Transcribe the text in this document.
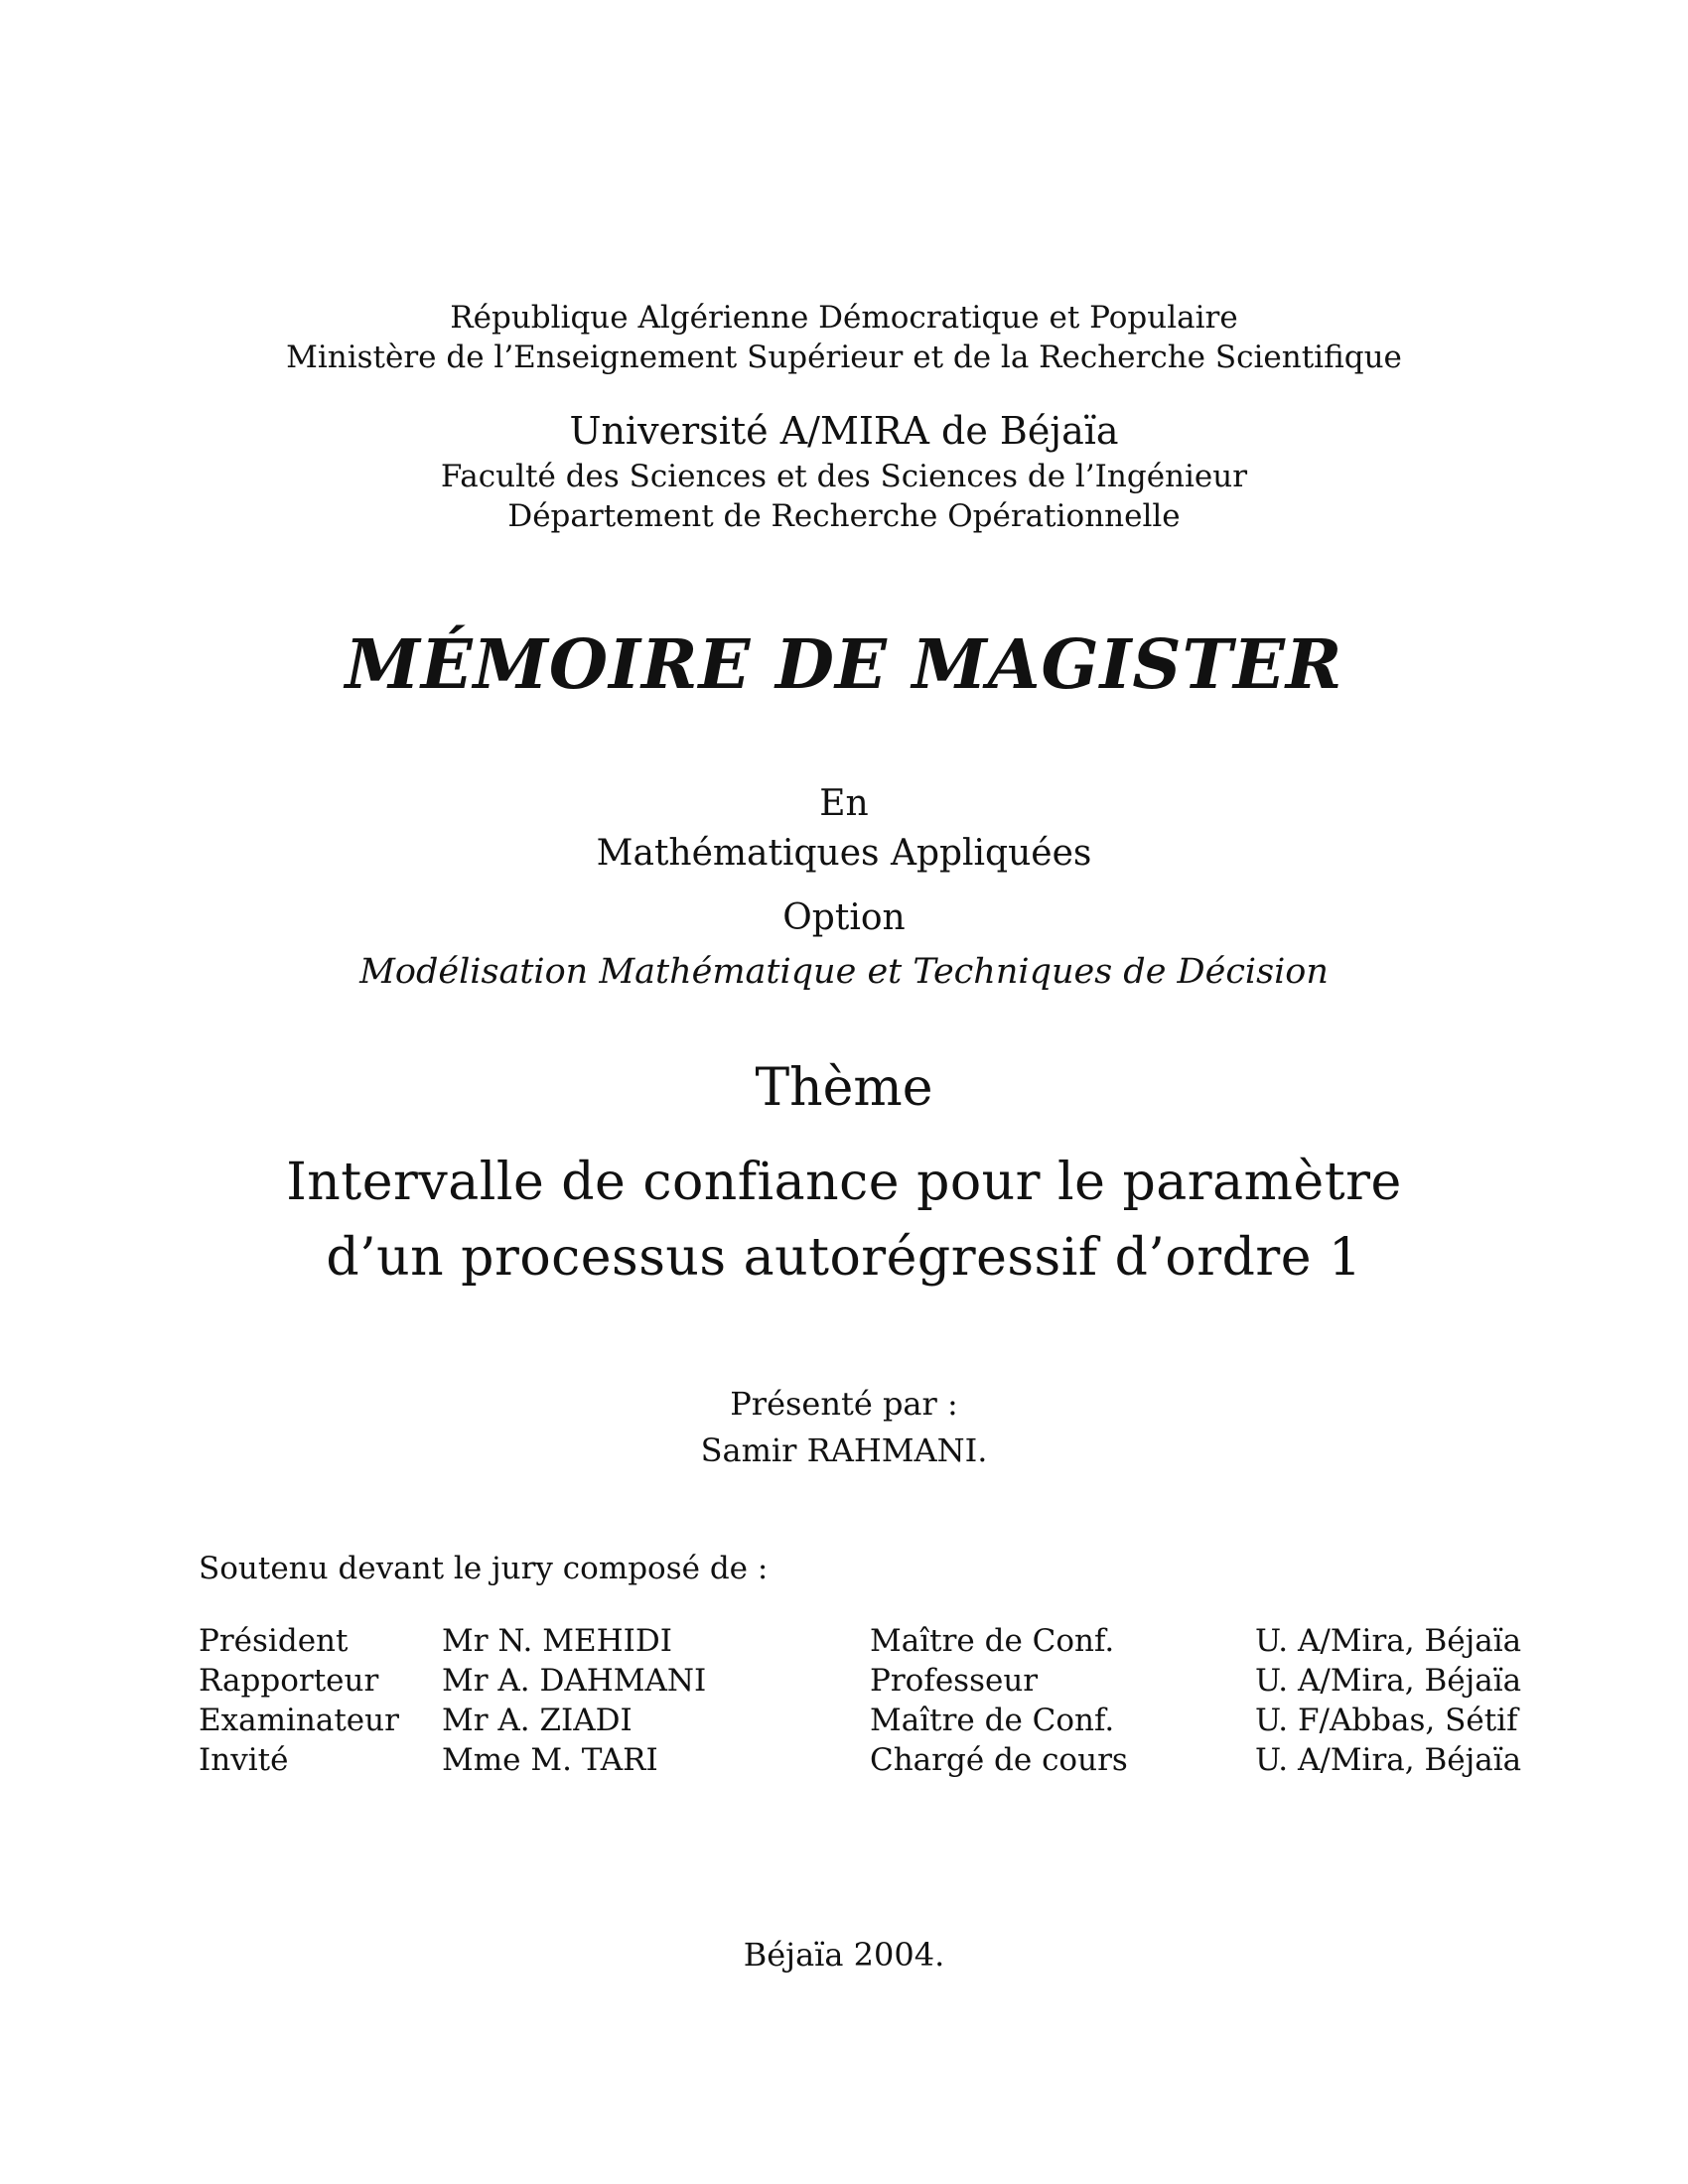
République Algérienne Démocratique et Populaire
Ministère de l’Enseignement Supérieur et de la Recherche Scientifique
Université A/MIRA de Béjaïa
Faculté des Sciences et des Sciences de l’Ingénieur
Département de Recherche Opérationnelle
MÉMOIRE DE MAGISTER
En
Mathématiques Appliquées
Option
Modélisation Mathématique et Techniques de Décision
Thème
Intervalle de confiance pour le paramètre
d’un processus autorégressif d’ordre 1
Présenté par :
Samir RAHMANI.
Soutenu devant le jury composé de :
Président	Mr N. MEHIDI	Maître de Conf.	U. A/Mira, Béjaïa
Rapporteur Mr A. DAHMANI	Professeur	U. A/Mira, Béjaïa
Examinateur Mr A. ZIADI	Maître de Conf.	U. F/Abbas, Sétif
Invité	Mme M. TARI	Chargé de cours	U. A/Mira, Béjaïa
Béjaïa 2004.
